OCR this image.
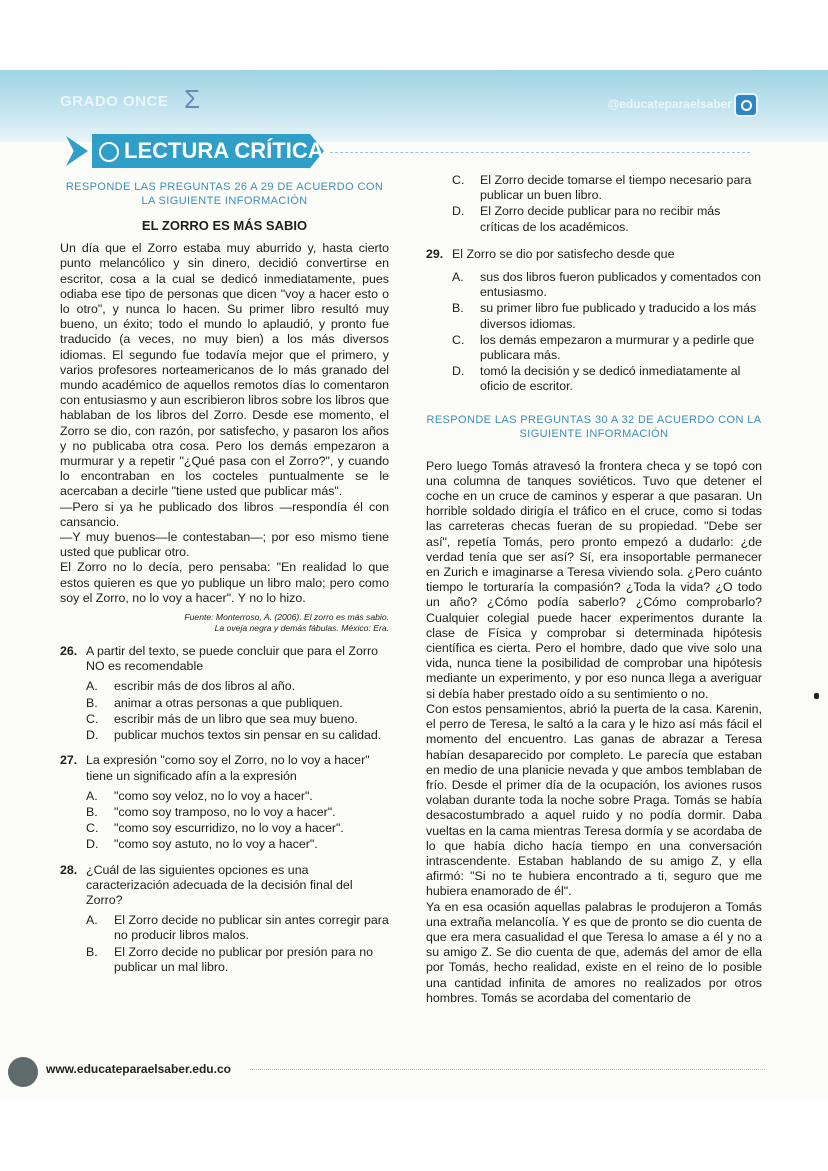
GRADO ONCE Σ	@educateparaelsaber
LECTURA CRÍTICA
RESPONDE LAS PREGUNTAS 26 A 29 DE ACUERDO CON LA SIGUIENTE INFORMACIÓN
EL ZORRO ES MÁS SABIO

Un día que el Zorro estaba muy aburrido y, hasta cierto punto melancólico y sin dinero, decidió convertirse en escritor, cosa a la cual se dedicó inmediatamente, pues odiaba ese tipo de personas que dicen "voy a hacer esto o lo otro", y nunca lo hacen. Su primer libro resultó muy bueno, un éxito; todo el mundo lo aplaudió, y pronto fue traducido (a veces, no muy bien) a los más diversos idiomas. El segundo fue todavía mejor que el primero, y varios profesores norteamericanos de lo más granado del mundo académico de aquellos remotos días lo comentaron con entusiasmo y aun escribieron libros sobre los libros que hablaban de los libros del Zorro. Desde ese momento, el Zorro se dio, con razón, por satisfecho, y pasaron los años y no publicaba otra cosa. Pero los demás empezaron a murmurar y a repetir "¿Qué pasa con el Zorro?", y cuando lo encontraban en los cocteles puntualmente se le acercaban a decirle "tiene usted que publicar más".

—Pero si ya he publicado dos libros —respondía él con cansancio.

—Y muy buenos—le contestaban—; por eso mismo tiene usted que publicar otro.

El Zorro no lo decía, pero pensaba: "En realidad lo que estos quieren es que yo publique un libro malo; pero como soy el Zorro, no lo voy a hacer". Y no lo hizo.

Fuente: Monterroso, A. (2006). El zorro es más sabio.
La oveja negra y demás fábulas. México: Era.
26. A partir del texto, se puede concluir que para el Zorro NO es recomendable
A.	escribir más de dos libros al año.
B.	animar a otras personas a que publiquen.
C.	escribir más de un libro que sea muy bueno.
D.	publicar muchos textos sin pensar en su calidad.
27. La expresión "como soy el Zorro, no lo voy a hacer" tiene un significado afín a la expresión
A.	"como soy veloz, no lo voy a hacer".
B.	"como soy tramposo, no lo voy a hacer".
C.	"como soy escurridizo, no lo voy a hacer".
D.	"como soy astuto, no lo voy a hacer".
28. ¿Cuál de las siguientes opciones es una caracterización adecuada de la decisión final del Zorro?
A.	El Zorro decide no publicar sin antes corregir para no producir libros malos.
B.	El Zorro decide no publicar por presión para no publicar un mal libro.
C.	El Zorro decide tomarse el tiempo necesario para publicar un buen libro.
D.	El Zorro decide publicar para no recibir más críticas de los académicos.
29. El Zorro se dio por satisfecho desde que
A.	sus dos libros fueron publicados y comentados con entusiasmo.
B.	su primer libro fue publicado y traducido a los más diversos idiomas.
C.	los demás empezaron a murmurar y a pedirle que publicara más.
D.	tomó la decisión y se dedicó inmediatamente al oficio de escritor.
RESPONDE LAS PREGUNTAS 30 A 32 DE ACUERDO CON LA SIGUIENTE INFORMACIÓN

Pero luego Tomás atravesó la frontera checa y se topó con una columna de tanques soviéticos. Tuvo que detener el coche en un cruce de caminos y esperar a que pasaran. Un horrible soldado dirigía el tráfico en el cruce, como si todas las carreteras checas fueran de su propiedad. "Debe ser así", repetía Tomás, pero pronto empezó a dudarlo: ¿de verdad tenía que ser así? Sí, era insoportable permanecer en Zurich e imaginarse a Teresa viviendo sola. ¿Pero cuánto tiempo le torturaría la compasión? ¿Toda la vida? ¿O todo un año? ¿Cómo podía saberlo? ¿Cómo comprobarlo? Cualquier colegial puede hacer experimentos durante la clase de Física y comprobar si determinada hipótesis científica es cierta. Pero el hombre, dado que vive solo una vida, nunca tiene la posibilidad de comprobar una hipótesis mediante un experimento, y por eso nunca llega a averiguar si debía haber prestado oído a su sentimiento o no.

Con estos pensamientos, abrió la puerta de la casa. Karenin, el perro de Teresa, le saltó a la cara y le hizo así más fácil el momento del encuentro. Las ganas de abrazar a Teresa habían desaparecido por completo. Le parecía que estaban en medio de una planicie nevada y que ambos temblaban de frío. Desde el primer día de la ocupación, los aviones rusos volaban durante toda la noche sobre Praga. Tomás se había desacostumbrado a aquel ruido y no podía dormir. Daba vueltas en la cama mientras Teresa dormía y se acordaba de lo que había dicho hacía tiempo en una conversación intrascendente. Estaban hablando de su amigo Z, y ella afirmó: "Si no te hubiera encontrado a ti, seguro que me hubiera enamorado de él".

Ya en esa ocasión aquellas palabras le produjeron a Tomás una extraña melancolía. Y es que de pronto se dio cuenta de que era mera casualidad el que Teresa lo amase a él y no a su amigo Z. Se dio cuenta de que, además del amor de ella por Tomás, hecho realidad, existe en el reino de lo posible una cantidad infinita de amores no realizados por otros hombres. Tomás se acordaba del comentario de

www.educateparaelsaber.edu.co
